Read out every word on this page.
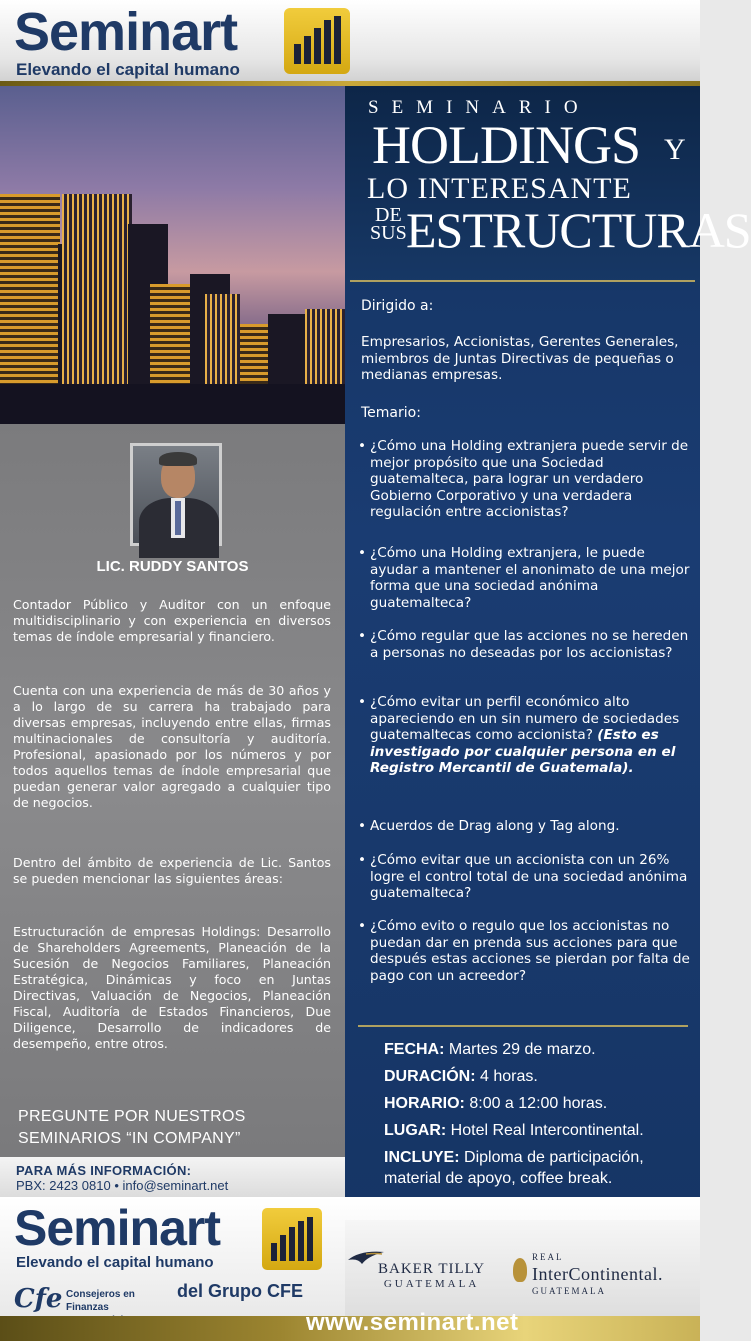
Seminart
Elevando el capital humano
LIC. RUDDY SANTOS

Contador Público y Auditor con un enfoque multidisciplinario y con experiencia en diversos temas de índole empresarial y financiero.

Cuenta con una experiencia de más de 30 años y a lo largo de su carrera ha trabajado para diversas empresas, incluyendo entre ellas, firmas multinacionales de consultoría y auditoría. Profesional, apasionado por los números y por todos aquellos temas de índole empresarial que puedan generar valor agregado a cualquier tipo de negocios.

Dentro del ámbito de experiencia de Lic. Santos se pueden mencionar las siguientes áreas:

Estructuración de empresas Holdings: Desarrollo de Shareholders Agreements, Planeación de la Sucesión de Negocios Familiares, Planeación Estratégica, Dinámicas y foco en Juntas Directivas, Valuación de Negocios, Planeación Fiscal, Auditoría de Estados Financieros, Due Diligence, Desarrollo de indicadores de desempeño, entre otros.

PREGUNTE POR NUESTROS
SEMINARIOS “IN COMPANY”
SEMINARIO
HOLDINGS Y
LO INTERESANTE
DE
SUS ESTRUCTURAS
Dirigido a:

Empresarios, Accionistas, Gerentes Generales, miembros de Juntas Directivas de pequeñas o medianas empresas.

Temario:

• ¿Cómo una Holding extranjera puede servir de mejor propósito que una Sociedad guatemalteca, para lograr un verdadero Gobierno Corporativo y una verdadera regulación entre accionistas?

• ¿Cómo una Holding extranjera, le puede ayudar a mantener el anonimato de una mejor forma que una sociedad anónima guatemalteca?

• ¿Cómo regular que las acciones no se hereden a personas no deseadas por los accionistas?

• ¿Cómo evitar un perfil económico alto apareciendo en un sin numero de sociedades guatemaltecas como accionista? (Esto es investigado por cualquier persona en el Registro Mercantil de Guatemala).

• Acuerdos de Drag along y Tag along.

• ¿Cómo evitar que un accionista con un 26% logre el control total de una sociedad anónima guatemalteca?

• ¿Cómo evito o regulo que los accionistas no puedan dar en prenda sus acciones para que después estas acciones se pierdan por falta de pago con un acreedor?

FECHA: Martes 29 de marzo.
DURACIÓN: 4 horas.
HORARIO: 8:00 a 12:00 horas.
LUGAR: Hotel Real Intercontinental.
INCLUYE: Diploma de participación, material de apoyo, coffee break.
PARA MÁS INFORMACIÓN:
PBX: 2423 0810 • info@seminart.net
Seminart
Elevando el capital humano
Cfe Consejeros en
Finanzas
del Grupo CFE
BAKER TILLY
GUATEMALA
REAL
InterContinental.
GUATEMALA
www.seminart.net
